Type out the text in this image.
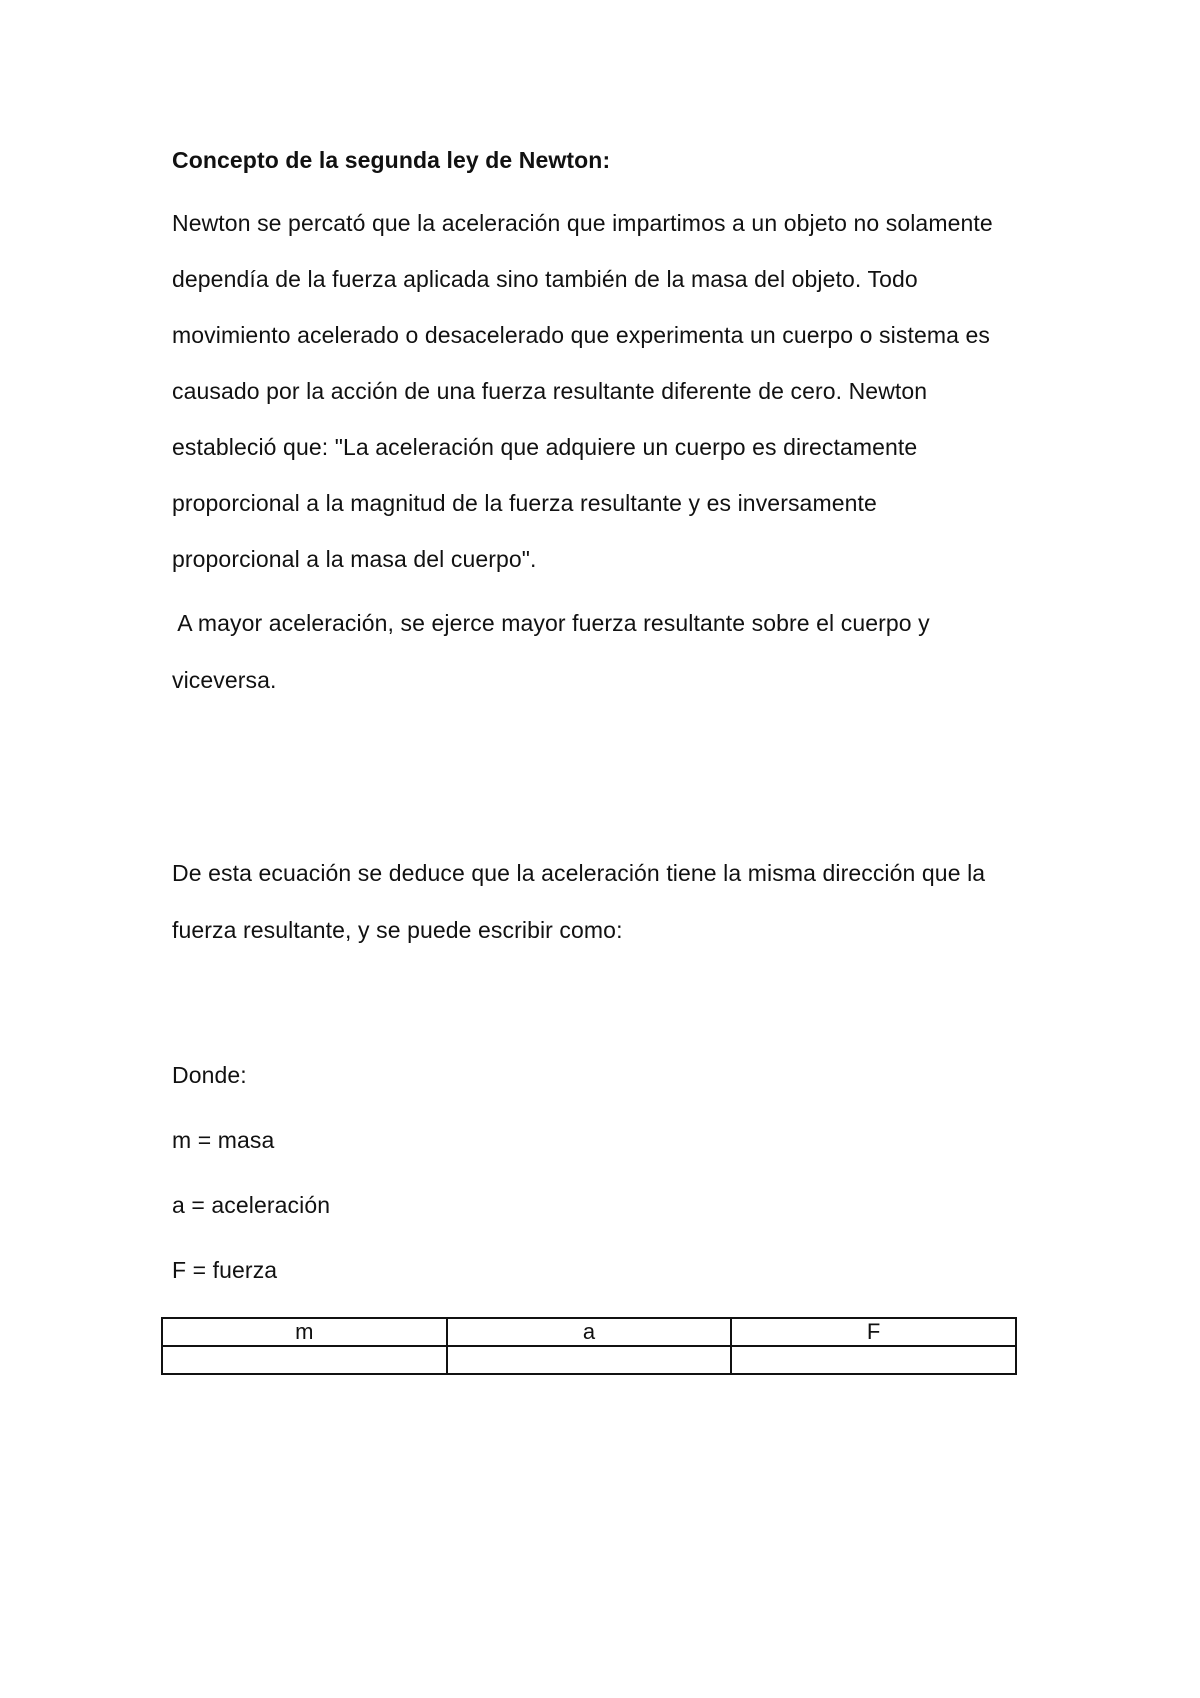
Concepto de la segunda ley de Newton:
Newton se percató que la aceleración que impartimos a un objeto no solamente
dependía de la fuerza aplicada sino también de la masa del objeto. Todo
movimiento acelerado o desacelerado que experimenta un cuerpo o sistema es
causado por la acción de una fuerza resultante diferente de cero. Newton
estableció que: "La aceleración que adquiere un cuerpo es directamente
proporcional a la magnitud de la fuerza resultante y es inversamente
proporcional a la masa del cuerpo".
A mayor aceleración, se ejerce mayor fuerza resultante sobre el cuerpo y
viceversa.
De esta ecuación se deduce que la aceleración tiene la misma dirección que la
fuerza resultante, y se puede escribir como:
Donde:
m = masa
a = aceleración
F = fuerza
m	a	F
